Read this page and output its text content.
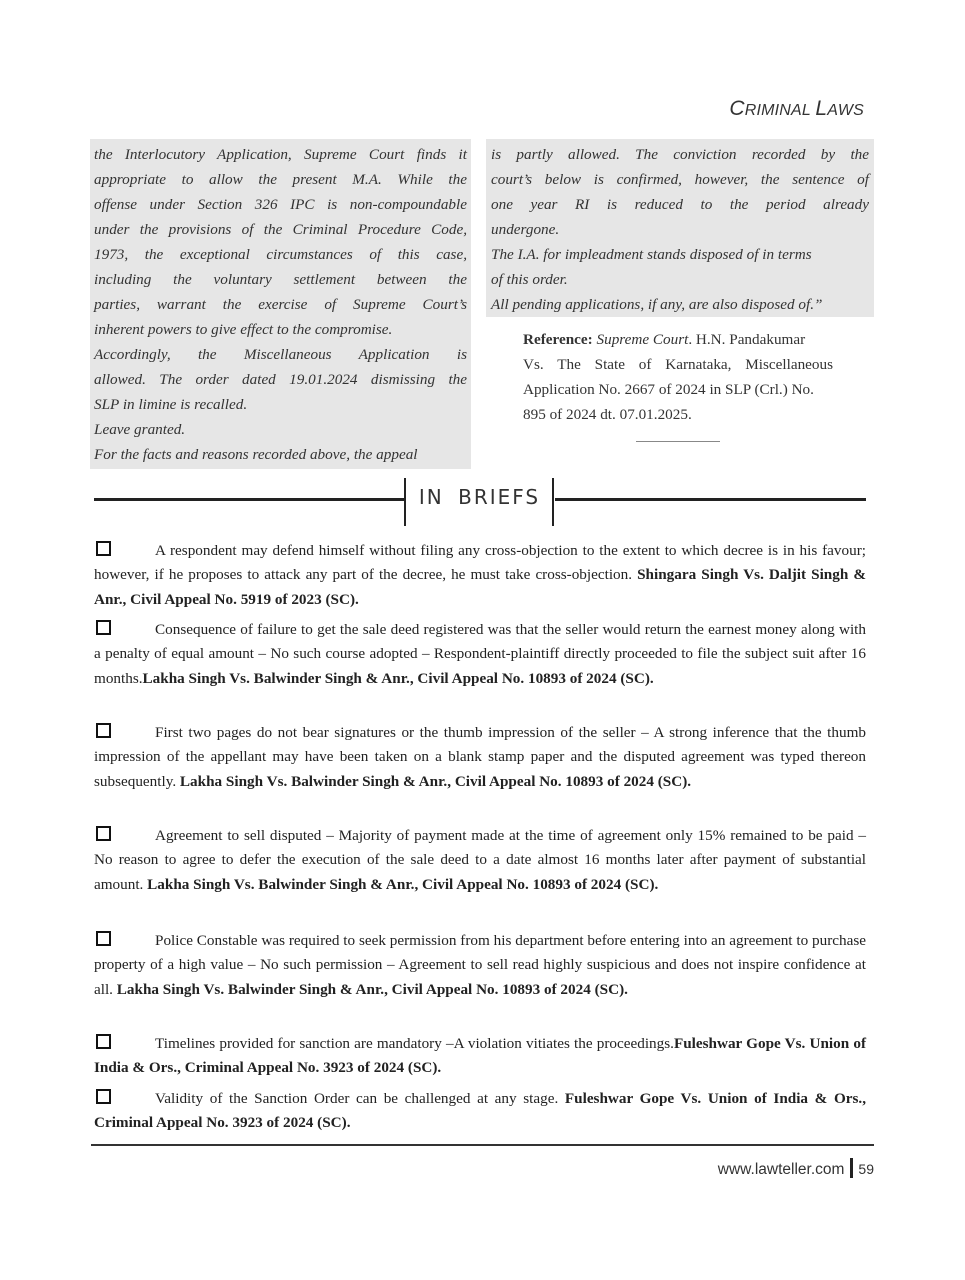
CRIMINAL LAWS

the Interlocutory Application, Supreme Court finds it

appropriate to allow the present M.A. While the

offense under Section 326 IPC is non-compoundable

under the provisions of the Criminal Procedure Code,

1973, the exceptional circumstances of this case,

including the voluntary settlement between the

parties, warrant the exercise of Supreme Court’s

inherent powers to give effect to the compromise.

Accordingly, the Miscellaneous Application is

allowed. The order dated 19.01.2024 dismissing the

SLP in limine is recalled.

Leave granted.

For the facts and reasons recorded above, the appeal

is partly allowed. The conviction recorded by the

court’s below is confirmed, however, the sentence of

one year RI is reduced to the period already

undergone.

The I.A. for impleadment stands disposed of in terms

of this order.

All pending applications, if any, are also disposed of.”

Reference: Supreme Court. H.N. Pandakumar
Vs. The State of Karnataka, Miscellaneous
Application No. 2667 of 2024 in SLP (Crl.) No.
895 of 2024 dt. 07.01.2025.
IN BRIEFS
A respondent may defend himself without filing any cross-objection to the extent to which decree is in his favour; however, if he proposes to attack any part of the decree, he must take cross-objection. Shingara Singh Vs. Daljit Singh & Anr., Civil Appeal No. 5919 of 2023 (SC).
Consequence of failure to get the sale deed registered was that the seller would return the earnest money along with a penalty of equal amount – No such course adopted – Respondent-plaintiff directly proceeded to file the subject suit after 16 months.Lakha Singh Vs. Balwinder Singh & Anr., Civil Appeal No. 10893 of 2024 (SC).
First two pages do not bear signatures or the thumb impression of the seller – A strong inference that the thumb impression of the appellant may have been taken on a blank stamp paper and the disputed agreement was typed thereon subsequently. Lakha Singh Vs. Balwinder Singh & Anr., Civil Appeal No. 10893 of 2024 (SC).
Agreement to sell disputed – Majority of payment made at the time of agreement only 15% remained to be paid – No reason to agree to defer the execution of the sale deed to a date almost 16 months later after payment of substantial amount. Lakha Singh Vs. Balwinder Singh & Anr., Civil Appeal No. 10893 of 2024 (SC).
Police Constable was required to seek permission from his department before entering into an agreement to purchase property of a high value – No such permission – Agreement to sell read highly suspicious and does not inspire confidence at all. Lakha Singh Vs. Balwinder Singh & Anr., Civil Appeal No. 10893 of 2024 (SC).
Timelines provided for sanction are mandatory –A violation vitiates the proceedings.Fuleshwar Gope Vs. Union of India & Ors., Criminal Appeal No. 3923 of 2024 (SC).
Validity of the Sanction Order can be challenged at any stage. Fuleshwar Gope Vs. Union of India & Ors., Criminal Appeal No. 3923 of 2024 (SC).
www.lawteller.com 59
